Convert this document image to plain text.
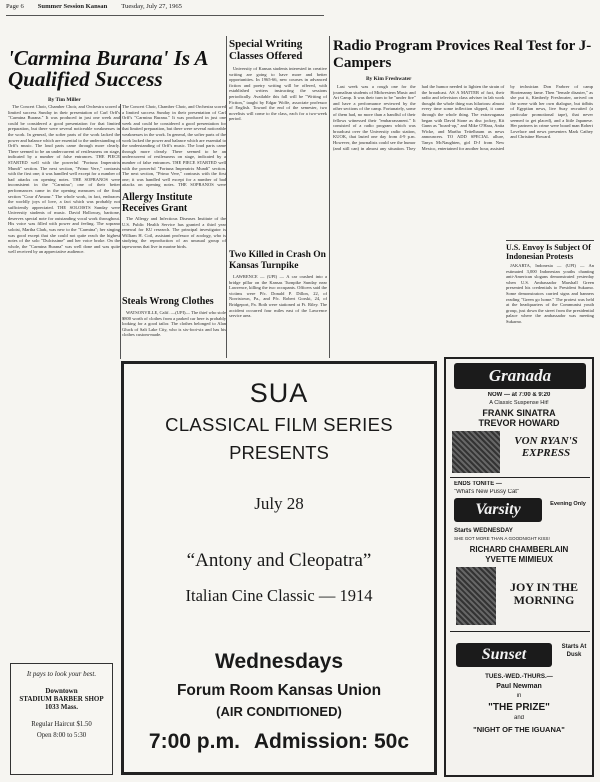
Page 6 Summer Session Kansan Tuesday, July 27, 1965
'Carmina Burana' Is A Qualified Success
By Tim Miller

The Concert Choir, Chamber Choir, and Orchestra scored a limited success Sunday in their presentation of Carl Orff's "Carmina Burana." It was produced in just one week and could be considered a good presentation for that limited preparation, but there were several noticeable weaknesses in the work. In general, the softer parts of the work lacked the power and balance which are essential to the understanding of Orff's music. The loud parts came through more clearly. There seemed to be an undercurrent of restlessness on stage, indicated by a number of false entrances. THE PIECE STARTED well with the powerful "Fortuna Imperatrix Mundi" section. The next section, "Primo Vere," contrasts with the first one; it was handled well except for a number of bad attacks on opening notes. THE SOPRANOS were inconsistent in the "Carmina"; one of their better performances came in the opening measures of the final section "Cour d'Amour." The whole work, in fact, embraces the worldly joys of love, a fact which was probably not sufficiently appreciated. THE SOLOISTS Sunday were University students of music. David Holloway, baritone, deserves special note for outstanding vocal work throughout. His voice was filled with power and feeling. The soprano soloist, Martha Clark, was new to the "Carmina"; her singing was good except that she could not quite reach the highest notes of the solo "Dulcissime" and her voice broke. On the whole, the "Carmina Burana" was well done and was quite well received by an appreciative audience.

The Concert Choir, Chamber Choir, and Orchestra scored a limited success Sunday in their presentation of Carl Orff's "Carmina Burana." It was produced in just one week and could be considered a good presentation for that limited preparation, but there were several noticeable weaknesses in the work. In general, the softer parts of the work lacked the power and balance which are essential to the understanding of Orff's music. The loud parts came through more clearly. There seemed to be an undercurrent of restlessness on stage, indicated by a number of false entrances. THE PIECE STARTED well with the powerful "Fortuna Imperatrix Mundi" section. The next section, "Primo Vere," contrasts with the first one; it was handled well except for a number of bad attacks on opening notes. THE SOPRANOS were

Allergy Institute Receives Grant

The Allergy and Infectious Diseases Institute of the U.S. Public Health Service has granted a third year renewal for KU research. The principal investigator is William H. Coil, assistant professor of zoology, who is studying the reproduction of an unusual group of tapeworms that live in marine birds.

Steals Wrong Clothes

WATSONVILLE, Calif. —(UPI)— The thief who stole $800 worth of clothes from a parked car here is probably looking for a good tailor. The clothes belonged to Alan Gluck of Salt Lake City, who is six-foot-six and has his clothes custom-made.

Special Writing Classes Offered

University of Kansas students interested in creative writing are going to have more and better opportunities. In 1965-66, new courses in advanced fiction and poetry writing will be offered, with established writers instructing the sessions periodically. Available this fall will be "Writing of Fiction," taught by Edgar Wolfe, associate professor of English. Toward the end of the semester, two novelists will come to the class, each for a two-week period.

Two Killed in Crash On Kansas Turnpike

LAWRENCE — (UPI) — A car crashed into a bridge pillar on the Kansas Turnpike Sunday near Lawrence, killing the two occupants. Officers said the victims were Pfc. Donald P. Dillon, 22, of Norristown, Pa., and Pfc. Robert Gorski, 24, of Bridgeport, Pa. Both were stationed at Ft. Riley. The accident occurred four miles east of the Lawrence service area.

Radio Program Provices Real Test for J-Campers
By Kim Freshwater

Last week was a rough one for the journalism students of Midwestern Music and Art Camp. It was their turn to be "under fire" and have a performance reviewed by the other sections of the camp. Fortunately, some of them had, no more than a handful of their fellows witnessed their "embarrassment." It consisted of a radio program which was broadcast over the University radio station, KUOK, that lasted one day from 4-9 p.m. However, the journalists could see the humor (and still can) in almost any situation. They had the humor needed to lighten the strain of the broadcast. AS A MATTER of fact, their radio and television class adviser in lab work thought the whole thing was hilarious: almost every time some inflection slipped, it came through the whole thing. The extravaganza began with David Stone as disc jockey, Kit Gunn as "board-op," and Mike O'Hara, Anita Wicke, and Martha Teitelbaum as news announcers. TO ADD SPECIAL allure, Tanya McNaughten, girl D-J from New Mexico, entertained for another hour, assisted by technician Don Farbrer of camp Hootenanny fame. Then "female disaster," as she put it, Kimberly Freshwater, arrived on the scene with her own dialogue, but tidbits of Egyptian news, live Suzy recruited (a particular promotional tape), that never seemed to get placed), and a little Japanese. Her partners in crime were board man Robert Lovelace and news presenters Mark Cathey and Christine Howard.

U.S. Envoy Is Subject Of Indonesian Protests

JAKARTA, Indonesia — (UPI) — An estimated 3,000 Indonesian youths chanting anti-American slogans demonstrated yesterday when U.S. Ambassador Marshall Green presented his credentials to President Sukarno. Some demonstrators carried signs and banners reading "Green go home." The protest was held at the headquarters of the Communist youth group, just down the street from the presidential palace where the ambassador was meeting Sukarno.

SUA
CLASSICAL FILM SERIES
PRESENTS
July 28
“Antony and Cleopatra”
Italian Cine Classic — 1914
Wednesdays
Forum Room Kansas Union
(AIR CONDITIONED)
7:00 p.m. Admission: 50c
It pays to look your best.
Downtown
STADIUM BARBER SHOP
1033 Mass.
Regular Haircut $1.50
Open 8:00 to 5:30
Granada
NOW — at 7:00 & 9:20
A Classic Suspense Hit!
FRANK SINATRA
TREVOR HOWARD
VON RYAN'S EXPRESS
ENDS TONITE —
"What's New Pussy Cat"
Varsity	Evening Only
Starts WEDNESDAY
SHE GOT MORE THAN A GOODNIGHT KISS!
RICHARD CHAMBERLAIN
YVETTE MIMIEUX
JOY IN THE MORNING
Sunset	Starts At Dusk
TUES.-WED.-THURS.—
Paul Newman
in
"THE PRIZE"
and
"NIGHT OF THE IGUANA"
